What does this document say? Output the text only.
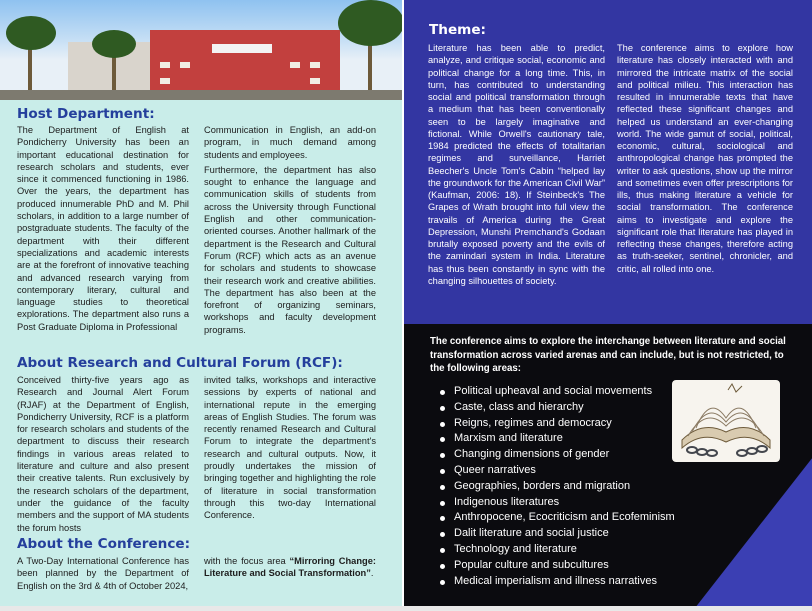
Host Department:

The Department of English at Pondicherry University has been an important educational destination for research scholars and students, ever since it commenced functioning in 1986. Over the years, the department has produced innumerable PhD and M. Phil scholars, in addition to a large number of postgraduate students. The faculty of the department with their different specializations and academic interests are at the forefront of innovative teaching and advanced research varying from contemporary literary, cultural and language studies to theoretical explorations. The department also runs a Post Graduate Diploma in Professional

Communication in English, an add-on program, in much demand among students and employees.

Furthermore, the department has also sought to enhance the language and communication skills of students from across the University through Functional English and other communication-oriented courses. Another hallmark of the department is the Research and Cultural Forum (RCF) which acts as an avenue for scholars and students to showcase their research work and creative abilities. The department has also been at the forefront of organizing seminars, workshops and faculty development programs.

About Research and Cultural Forum (RCF):

Conceived thirty-five years ago as Research and Journal Alert Forum (RJAF) at the Department of English, Pondicherry University, RCF is a platform for research scholars and students of the department to discuss their research findings in various areas related to literature and culture and also present their creative talents. Run exclusively by the research scholars of the department, under the guidance of the faculty members and the support of MA students the forum hosts

invited talks, workshops and interactive sessions by experts of national and international repute in the emerging areas of English Studies. The forum was recently renamed Research and Cultural Forum to integrate the department's research and cultural outputs. Now, it proudly undertakes the mission of bringing together and highlighting the role of literature in social transformation through this two-day International Conference.

About the Conference:

A Two-Day International Conference has been planned by the Department of English on the 3rd & 4th of October 2024,

with the focus area “Mirroring Change: Literature and Social Transformation”.

Theme:

Literature has been able to predict, analyze, and critique social, economic and political change for a long time. This, in turn, has contributed to understanding social and political transformation through a medium that has been conventionally seen to be largely imaginative and fictional. While Orwell's cautionary tale, 1984 predicted the effects of totalitarian regimes and surveillance, Harriet Beecher's Uncle Tom's Cabin “helped lay the groundwork for the American Civil War” (Kaufman, 2006: 18). If Steinbeck's The Grapes of Wrath brought into full view the travails of America during the Great Depression, Munshi Premchand's Godaan brutally exposed poverty and the evils of the zamindari system in India. Literature has thus been constantly in sync with the changing silhouettes of society.

The conference aims to explore how literature has closely interacted with and mirrored the intricate matrix of the social and political milieu. This interaction has resulted in innumerable texts that have reflected these significant changes and helped us understand an ever-changing world. The wide gamut of social, political, economic, cultural, sociological and anthropological change has prompted the writer to ask questions, show up the mirror and sometimes even offer prescriptions for ills, thus making literature a vehicle for social transformation. The conference aims to investigate and explore the significant role that literature has played in reflecting these changes, therefore acting as truth-seeker, sentinel, chronicler, and critic, all rolled into one.

The conference aims to explore the interchange between literature and social transformation across varied arenas and can include, but is not restricted, to the following areas:
Political upheaval and social movements
Caste, class and hierarchy
Reigns, regimes and democracy
Marxism and literature
Changing dimensions of gender
Queer narratives
Geographies, borders and migration
Indigenous literatures
Anthropocene, Ecocriticism and Ecofeminism
Dalit literature and social justice
Technology and literature
Popular culture and subcultures
Medical imperialism and illness narratives
